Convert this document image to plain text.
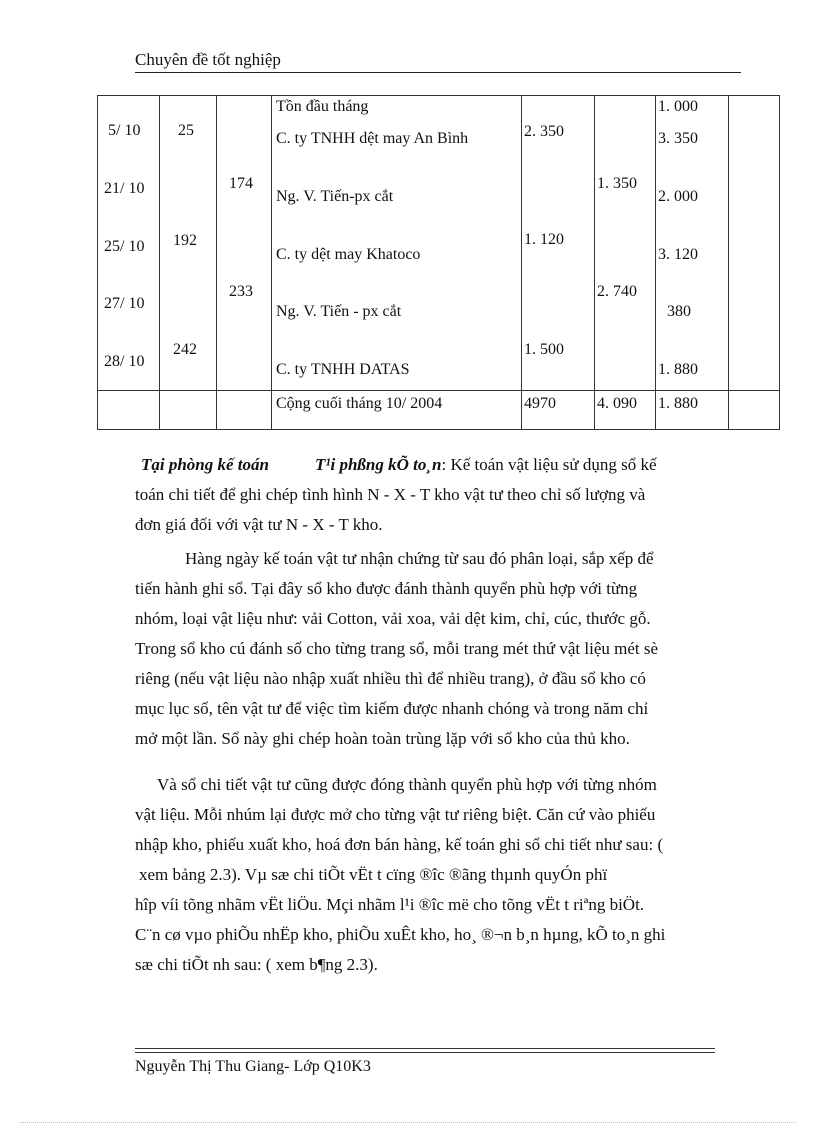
Chuyên đề tốt nghiệp
5/ 10
21/ 10
25/ 10
27/ 10
28/ 10
25
192
242
174
233
Tồn đầu tháng
C. ty TNHH dệt may An Bình
Ng. V. Tiến-px cắt
C. ty dệt may Khatoco
Ng. V. Tiến - px cắt
C. ty TNHH DATAS
Cộng cuối tháng 10/ 2004
2. 350
1. 120
1. 500
4970
1. 350
2. 740
4. 090
1. 000
3. 350
2. 000
3. 120
380
1. 880
1. 880
Tại phòng kế toán	T¹i phßng kÕ to¸n: Kế toán vật liệu sử dụng sổ kế
toán chi tiết để ghi chép tình hình N - X - T kho vật tư theo chỉ số lượng và
đơn giá đối với vật tư N - X - T kho.
Hàng ngày kế toán vật tư nhận chứng từ sau đó phân loại, sắp xếp để
tiến hành ghi sổ. Tại đây sổ kho được đánh thành quyển phù hợp với từng
nhóm, loại vật liệu như: vải Cotton, vải xoa, vải dệt kim, chỉ, cúc, thước gỗ.
Trong sổ kho cú đánh số cho từng trang sổ, mỗi trang mét thứ vật liệu mét sè
riêng (nếu vật liệu nào nhập xuất nhiều thì để nhiều trang), ở đầu sổ kho có
mục lục số, tên vật tư để việc tìm kiếm được nhanh chóng và trong năm chỉ
mở một lần. Sổ này ghi chép hoàn toàn trùng lặp với sổ kho của thủ kho.
Và sổ chi tiết vật tư cũng được đóng thành quyển phù hợp với từng nhóm
vật liệu. Mỗi nhúm lại được mở cho từng vật tư riêng biệt. Căn cứ vào phiếu
nhập kho, phiếu xuất kho, hoá đơn bán hàng, kế toán ghi sổ chi tiết như sau: (
xem bảng 2.3). Vµ sæ chi tiÕt vËt t cïng ®îc ®ãng thµnh quyÓn phï
hîp víi tõng nhãm vËt liÖu. Mçi nhãm l¹i ®îc më cho tõng vËt t riªng biÖt.
C¨n cø vµo phiÕu nhËp kho, phiÕu xuÊt kho, ho¸ ®¬n b¸n hµng, kÕ to¸n ghi
sæ chi tiÕt nh sau: ( xem b¶ng 2.3).
Nguyễn Thị Thu Giang- Lớp Q10K3
